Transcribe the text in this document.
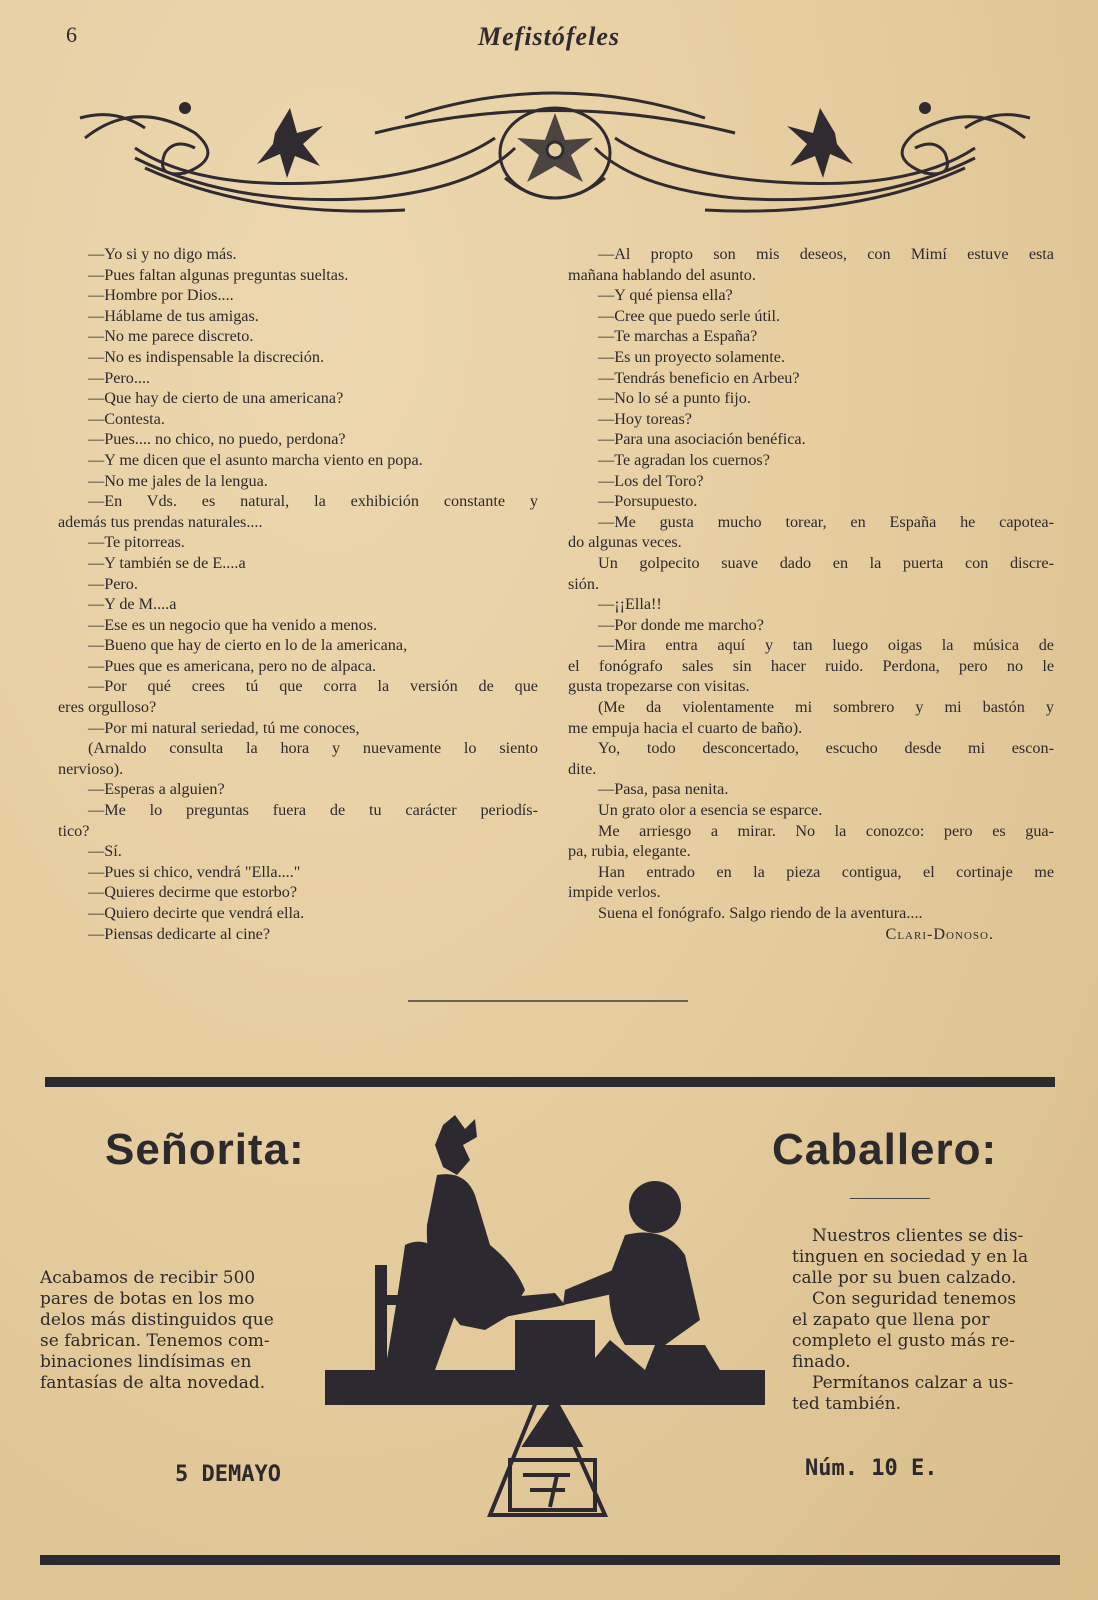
6	Mefistófeles

—Yo si y no digo más.

—Pues faltan algunas preguntas sueltas.

—Hombre por Dios....

—Háblame de tus amigas.

—No me parece discreto.

—No es indispensable la discreción.

—Pero....

—Que hay de cierto de una americana?

—Contesta.

—Pues.... no chico, no puedo, perdona?

—Y me dicen que el asunto marcha viento en popa.

—No me jales de la lengua.

—En Vds. es natural, la exhibición constante y

además tus prendas naturales....

—Te pitorreas.

—Y también se de E....a

—Pero.

—Y de M....a

—Ese es un negocio que ha venido a menos.

—Bueno que hay de cierto en lo de la americana,

—Pues que es americana, pero no de alpaca.

—Por qué crees tú que corra la versión de que

eres orgulloso?

—Por mi natural seriedad, tú me conoces,

(Arnaldo consulta la hora y nuevamente lo siento

nervioso).

—Esperas a alguien?

—Me lo preguntas fuera de tu carácter periodís-

tico?

—Sí.

—Pues si chico, vendrá "Ella...."

—Quieres decirme que estorbo?

—Quiero decirte que vendrá ella.

—Piensas dedicarte al cine?

—Al propto son mis deseos, con Mimí estuve esta

mañana hablando del asunto.

—Y qué piensa ella?

—Cree que puedo serle útil.

—Te marchas a España?

—Es un proyecto solamente.

—Tendrás beneficio en Arbeu?

—No lo sé a punto fijo.

—Hoy toreas?

—Para una asociación benéfica.

—Te agradan los cuernos?

—Los del Toro?

—Porsupuesto.

—Me gusta mucho torear, en España he capotea-

do algunas veces.

Un golpecito suave dado en la puerta con discre-

sión.

—¡¡Ella!!

—Por donde me marcho?

—Mira entra aquí y tan luego oigas la música de

el fonógrafo sales sin hacer ruido. Perdona, pero no le

gusta tropezarse con visitas.

(Me da violentamente mi sombrero y mi bastón y

me empuja hacia el cuarto de baño).

Yo, todo desconcertado, escucho desde mi escon-

dite.

—Pasa, pasa nenita.

Un grato olor a esencia se esparce.

Me arriesgo a mirar. No la conozco: pero es gua-

pa, rubia, elegante.

Han entrado en la pieza contigua, el cortinaje me

impide verlos.

Suena el fonógrafo. Salgo riendo de la aventura....

Clari-Donoso.

Señorita:	Caballero:

Acabamos de recibir 500

pares de botas en los mo

delos más distinguidos que

se fabrican. Tenemos com-

binaciones lindísimas en

fantasías de alta novedad.

Nuestros clientes se dis-

tinguen en sociedad y en la

calle por su buen calzado.

Con seguridad tenemos

el zapato que llena por

completo el gusto más re-

finado.

Permítanos calzar a us-

ted también.

5 DEMAYO	Núm. 10 E.
